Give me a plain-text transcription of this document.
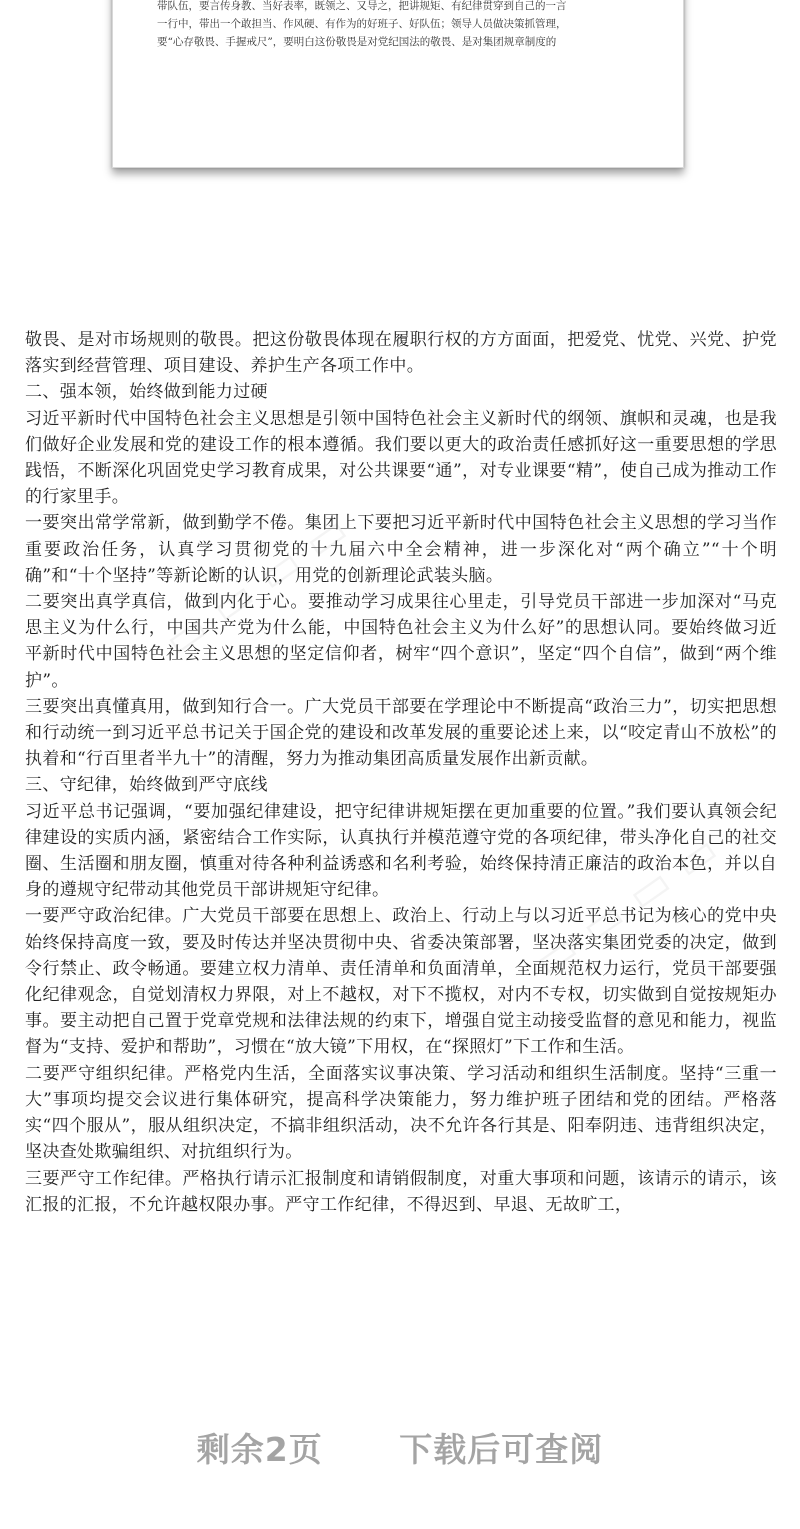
带队伍，要言传身教、当好表率，既领之、又导之，把讲规矩、有纪律贯穿到自己的一言
一行中，带出一个敢担当、作风硬、有作为的好班子、好队伍；领导人员做决策抓管理，
要“心存敬畏、手握戒尺”，要明白这份敬畏是对党纪国法的敬畏、是对集团规章制度的

敬畏、是对市场规则的敬畏。把这份敬畏体现在履职行权的方方面面，把爱党、忧党、兴党、护党落实到经营管理、项目建设、养护生产各项工作中。

二、强本领，始终做到能力过硬

习近平新时代中国特色社会主义思想是引领中国特色社会主义新时代的纲领、旗帜和灵魂，也是我们做好企业发展和党的建设工作的根本遵循。我们要以更大的政治责任感抓好这一重要思想的学思践悟，不断深化巩固党史学习教育成果，对公共课要“通”，对专业课要“精”，使自己成为推动工作的行家里手。

一要突出常学常新，做到勤学不倦。集团上下要把习近平新时代中国特色社会主义思想的学习当作重要政治任务，认真学习贯彻党的十九届六中全会精神，进一步深化对“两个确立”“十个明确”和“十个坚持”等新论断的认识，用党的创新理论武装头脑。

二要突出真学真信，做到内化于心。要推动学习成果往心里走，引导党员干部进一步加深对“马克思主义为什么行，中国共产党为什么能，中国特色社会主义为什么好”的思想认同。要始终做习近平新时代中国特色社会主义思想的坚定信仰者，树牢“四个意识”，坚定“四个自信”，做到“两个维护”。

三要突出真懂真用，做到知行合一。广大党员干部要在学理论中不断提高“政治三力”，切实把思想和行动统一到习近平总书记关于国企党的建设和改革发展的重要论述上来，以“咬定青山不放松”的执着和“行百里者半九十”的清醒，努力为推动集团高质量发展作出新贡献。

三、守纪律，始终做到严守底线

习近平总书记强调，“要加强纪律建设，把守纪律讲规矩摆在更加重要的位置。”我们要认真领会纪律建设的实质内涵，紧密结合工作实际，认真执行并模范遵守党的各项纪律，带头净化自己的社交圈、生活圈和朋友圈，慎重对待各种利益诱惑和名利考验，始终保持清正廉洁的政治本色，并以自身的遵规守纪带动其他党员干部讲规矩守纪律。

一要严守政治纪律。广大党员干部要在思想上、政治上、行动上与以习近平总书记为核心的党中央始终保持高度一致，要及时传达并坚决贯彻中央、省委决策部署，坚决落实集团党委的决定，做到令行禁止、政令畅通。要建立权力清单、责任清单和负面清单，全面规范权力运行，党员干部要强化纪律观念，自觉划清权力界限，对上不越权，对下不揽权，对内不专权，切实做到自觉按规矩办事。要主动把自己置于党章党规和法律法规的约束下，增强自觉主动接受监督的意见和能力，视监督为“支持、爱护和帮助”，习惯在“放大镜”下用权，在“探照灯”下工作和生活。

二要严守组织纪律。严格党内生活，全面落实议事决策、学习活动和组织生活制度。坚持“三重一大”事项均提交会议进行集体研究，提高科学决策能力，努力维护班子团结和党的团结。严格落实“四个服从”，服从组织决定，不搞非组织活动，决不允许各行其是、阳奉阴违、违背组织决定，坚决查处欺骗组织、对抗组织行为。

三要严守工作纪律。严格执行请示汇报制度和请销假制度，对重大事项和问题，该请示的请示，该汇报的汇报，不允许越权限办事。严守工作纪律，不得迟到、早退、无故旷工，

剩余2页 下载后可查阅
